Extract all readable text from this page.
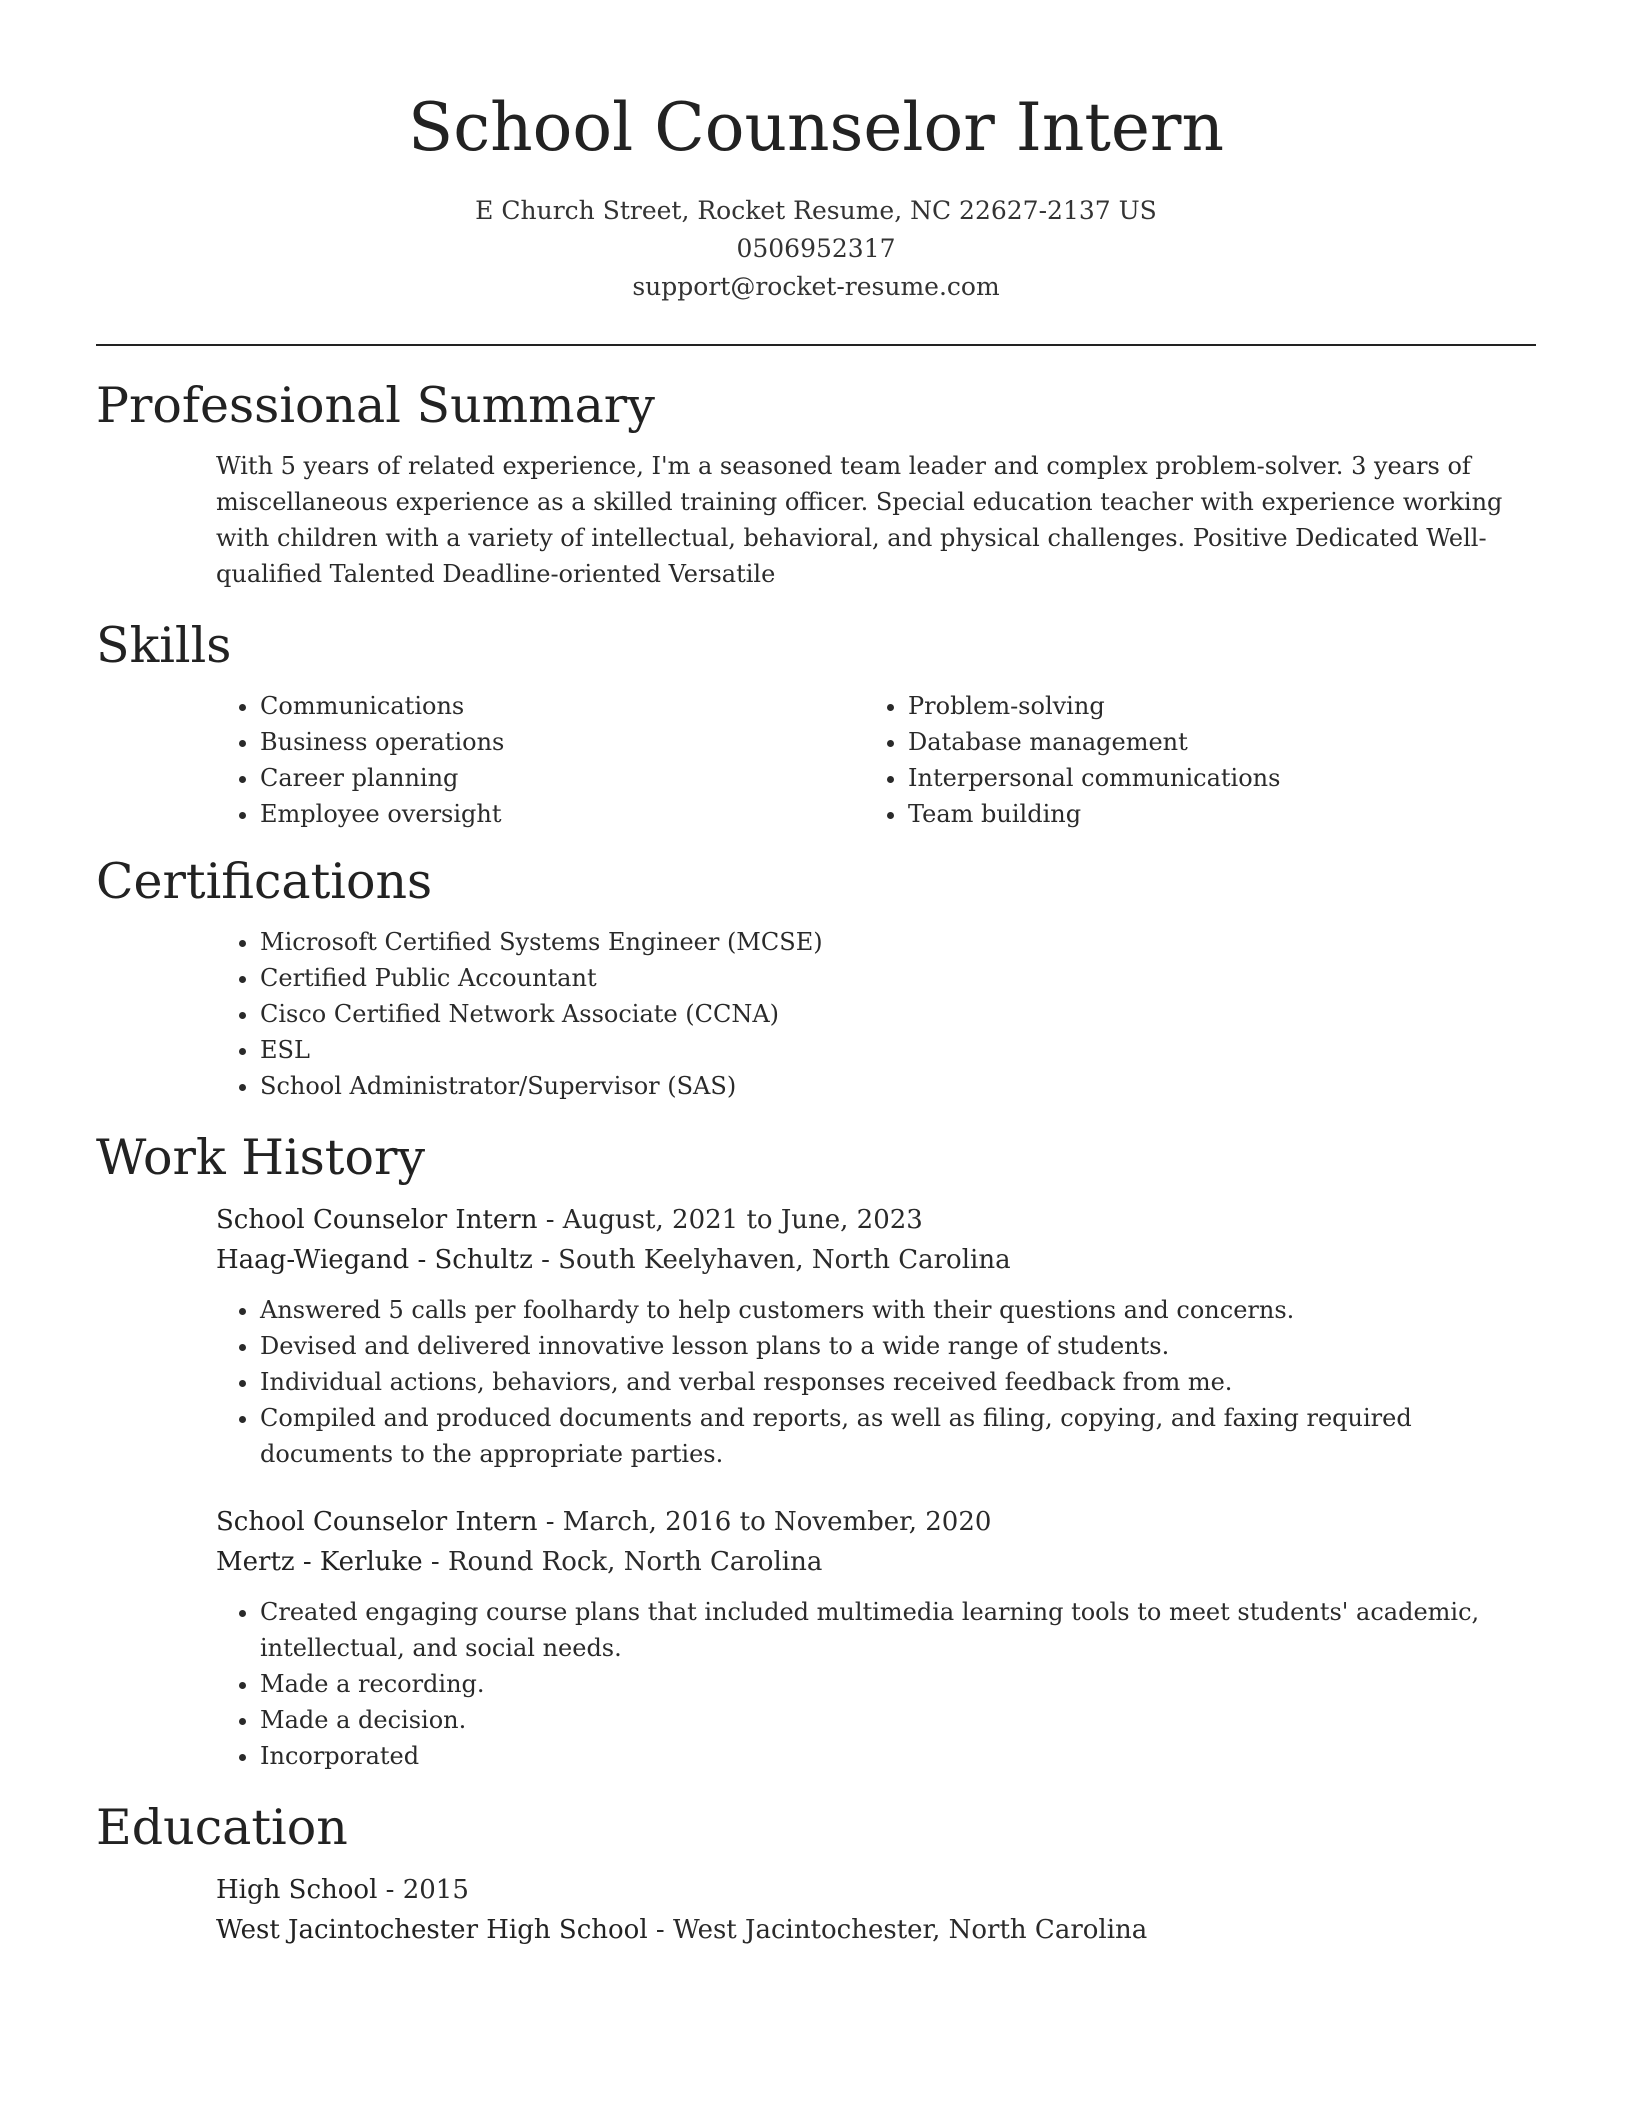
School Counselor Intern
E Church Street, Rocket Resume, NC 22627-2137 US
0506952317
support@rocket-resume.com
Professional Summary
With 5 years of related experience, I'm a seasoned team leader and complex problem-solver. 3 years of miscellaneous experience as a skilled training officer. Special education teacher with experience working with children with a variety of intellectual, behavioral, and physical challenges. Positive Dedicated Well-qualified Talented Deadline-oriented Versatile
Skills
• Communications
• Business operations
• Career planning
• Employee oversight
• Problem-solving
• Database management
• Interpersonal communications
• Team building
Certifications
• Microsoft Certified Systems Engineer (MCSE)
• Certified Public Accountant
• Cisco Certified Network Associate (CCNA)
• ESL
• School Administrator/Supervisor (SAS)
Work History
School Counselor Intern - August, 2021 to June, 2023
Haag-Wiegand - Schultz - South Keelyhaven, North Carolina
• Answered 5 calls per foolhardy to help customers with their questions and concerns.
• Devised and delivered innovative lesson plans to a wide range of students.
• Individual actions, behaviors, and verbal responses received feedback from me.
• Compiled and produced documents and reports, as well as filing, copying, and faxing required documents to the appropriate parties.
School Counselor Intern - March, 2016 to November, 2020
Mertz - Kerluke - Round Rock, North Carolina
• Created engaging course plans that included multimedia learning tools to meet students' academic, intellectual, and social needs.
• Made a recording.
• Made a decision.
• Incorporated
Education
High School - 2015
West Jacintochester High School - West Jacintochester, North Carolina
